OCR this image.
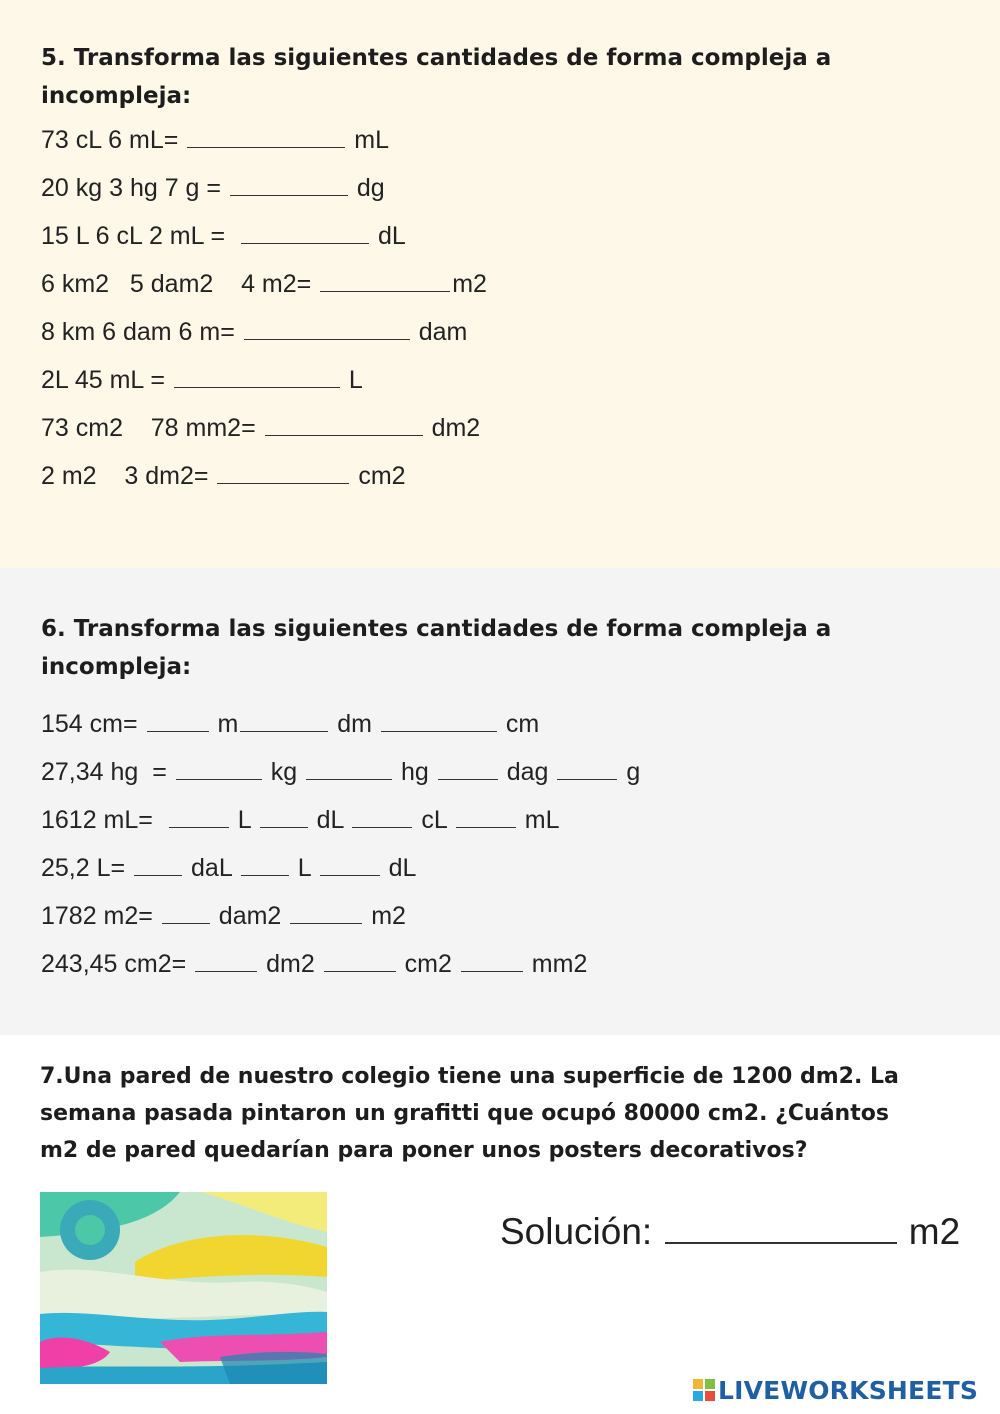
5. Transforma las siguientes cantidades de forma compleja a
incompleja:
73 cL 6 mL=	mL
20 kg 3 hg 7 g =	dg
15 L 6 cL 2 mL =	dL
6 km2   5 dam2    4 m2=	m2
8 km 6 dam 6 m=	dam
2L 45 mL =	L
73 cm2    78 mm2=	dm2
2 m2    3 dm2=	cm2
6. Transforma las siguientes cantidades de forma compleja a
incompleja:
154 cm=	m	dm	cm
27,34 hg  =	kg	hg	dag	g
1612 mL=	L  dL	cL	mL
25,2 L=  daL  L	dL
1782 m2=  dam2	m2
243,45 cm2=	dm2	cm2	mm2
7.Una pared de nuestro colegio tiene una superficie de 1200 dm2. La
semana pasada pintaron un grafitti que ocupó 80000 cm2. ¿Cuántos
m2 de pared quedarían para poner unos posters decorativos?
Solución:	m2
LIVEWORKSHEETS
